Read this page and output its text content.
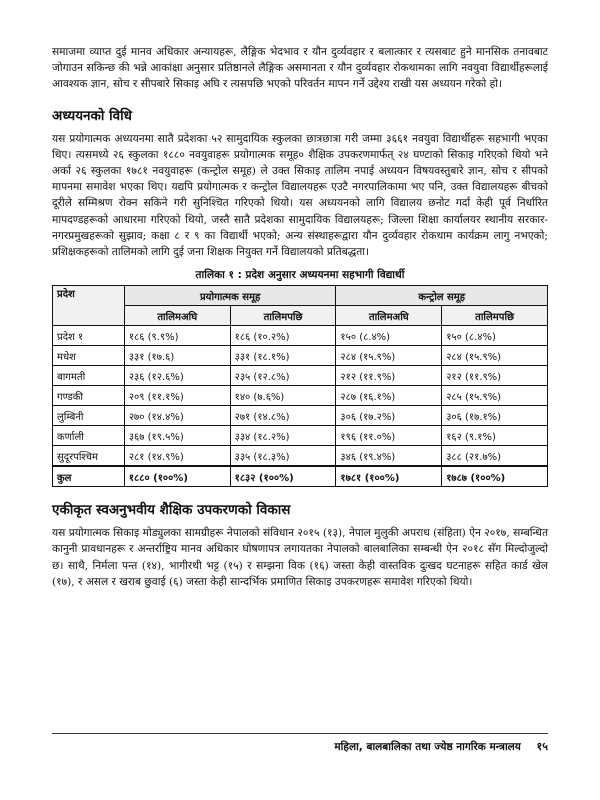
समाजमा व्याप्त दुई मानव अधिकार अन्यायहरू, लैङ्गिक भेदभाव र यौन दुर्व्यवहार र बलात्कार र त्यसबाट हुने मानसिक तनावबाट जोगाउन सकिन्छ की भन्ने आकांक्षा अनुसार प्रतिष्ठानले लैङ्गिक असमानता र यौन दुर्व्यवहार रोकथामका लागि नवयुवा विद्यार्थीहरूलाई आवश्यक ज्ञान, सोच र सीपबारे सिकाइ अघि र त्यसपछि भएको परिवर्तन मापन गर्ने उद्देश्य राखी यस अध्ययन गरेको हो।

अध्ययनको विधि

यस प्रयोगात्मक अध्ययनमा सातै प्रदेशका ५२ सामुदायिक स्कुलका छात्रछात्रा गरी जम्मा ३६६१ नवयुवा विद्यार्थीहरू सहभागी भएका थिए। त्यसमध्ये २६ स्कुलका १८८० नवयुवाहरू प्रयोगात्मक समूह० शैक्षिक उपकरणमार्फत् २४ घण्टाको सिकाइ गरिएको थियो भने अर्का २६ स्कुलका १७८१ नवयुवाहरू (कन्ट्रोल समूह) ले उक्त सिकाइ तालिम नपाई अध्ययन विषयवस्तुबारे ज्ञान, सोच र सीपको मापनमा समावेश भएका थिए। यद्यपि प्रयोगात्मक र कन्ट्रोल विद्यालयहरू एउटै नगरपालिकामा भए पनि, उक्त विद्यालयहरू बीचको दूरीले सम्मिश्रण रोक्न सकिने गरी सुनिश्चित गरिएको थियो। यस अध्ययनको लागि विद्यालय छनोट गर्दा केही पूर्व निर्धारित मापदण्डहरूको आधारमा गरिएको थियो, जस्तै सातै प्रदेशका सामुदायिक विद्यालयहरू; जिल्ला शिक्षा कार्यालयर स्थानीय सरकार-नगरप्रमुखहरूको सुझाव; कक्षा ८ र ९ का विद्यार्थी भएको; अन्य संस्थाहरूद्वारा यौन दुर्व्यवहार रोकथाम कार्यक्रम लागु नभएको; प्रशिक्षकहरूको तालिमको लागि दुई जना शिक्षक नियुक्त गर्ने विद्यालयको प्रतिबद्धता।

तालिका १ : प्रदेश अनुसार अध्ययनमा सहभागी विद्यार्थी
प्रदेश	प्रयोगात्मक समूह		कन्ट्रोल समूह	
	तालिमअघि	तालिमपछि	तालिमअघि	तालिमपछि
प्रदेश १	१८६ (९.९%)	१८६ (१०.२%)	१५० (८.४%)	१५० (८.४%)
मधेश	३३१ (१७.६)	३३१ (१८.१%)	२८४ (१५.९%)	२८४ (१५.९%)
बागमती	२३६ (१२.६%)	२३५ (१२.८%)	२१२ (११.९%)	२१२ (११.९%)
गण्डकी	२०९ (११.१%)	१४० (७.६%)	२८७ (१६.१%)	२८५ (१५.९%)
लुम्बिनी	२७० (१४.४%)	२७१ (१४.८%)	३०६ (१७.२%)	३०६ (१७.१%)
कर्णाली	३६७ (१९.५%)	३३४ (१८.२%)	१९६ (११.०%)	१६२ (९.१%)
सुदूरपश्चिम	२८१ (१४.९%)	३३५ (१८.३%)	३४६ (१९.४%)	३८८ (२१.७%)
कुल	१८८० (१००%)	१८३२ (१००%)	१७८१ (१००%)	१७८७ (१००%)
एकीकृत स्वअनुभवीय शैक्षिक उपकरणको विकास

यस प्रयोगात्मक सिकाइ मोड्युलका सामग्रीहरू नेपालको संविधान २०१५ (१३), नेपाल मुलुकी अपराध (संहिता) ऐन २०१७, सम्बन्धित कानुनी प्रावधानहरू र अन्तर्राष्ट्रिय मानव अधिकार घोषणापत्र लगायतका नेपालको बालबालिका सम्बन्धी ऐन २०१८ सँग मिल्दोजुल्दो छ। साथै, निर्मला पन्त (१४), भागीरथी भट्ट (१५) र सम्झना विक (१६) जस्ता केही वास्तविक दुःखद घटनाहरू सहित कार्ड खेल (१७), र असल र खराब छुवाई (६) जस्ता केही सान्दर्भिक प्रमाणित सिकाइ उपकरणहरू समावेश गरिएको थियो।

महिला, बालबालिका तथा ज्येष्ठ नागरिक मन्त्रालय १५
